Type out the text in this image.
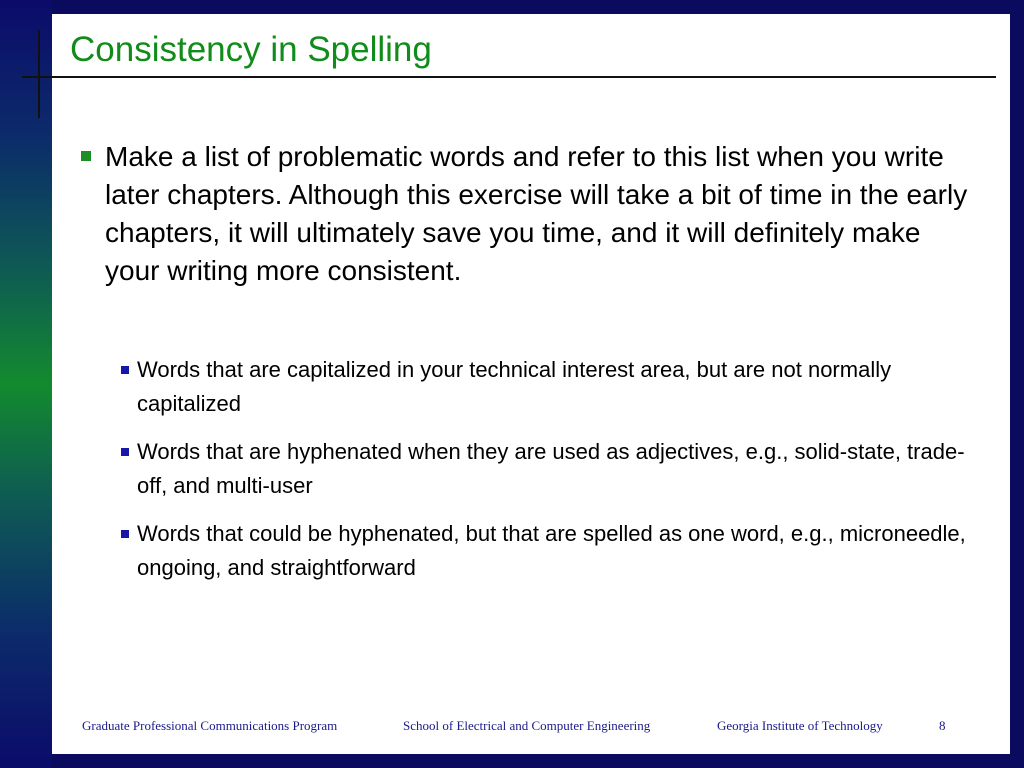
Consistency in Spelling
Make a list of problematic words and refer to this list when you write later chapters. Although this exercise will take a bit of time in the early chapters, it will ultimately save you time, and it will definitely make your writing more consistent.
Words that are capitalized in your technical interest area, but are not normally capitalized
Words that are hyphenated when they are used as adjectives, e.g., solid-state, trade-off, and multi-user
Words that could be hyphenated, but that are spelled as one word, e.g., microneedle, ongoing, and straightforward
Graduate Professional Communications Program	School of Electrical and Computer Engineering	Georgia Institute of Technology	8
